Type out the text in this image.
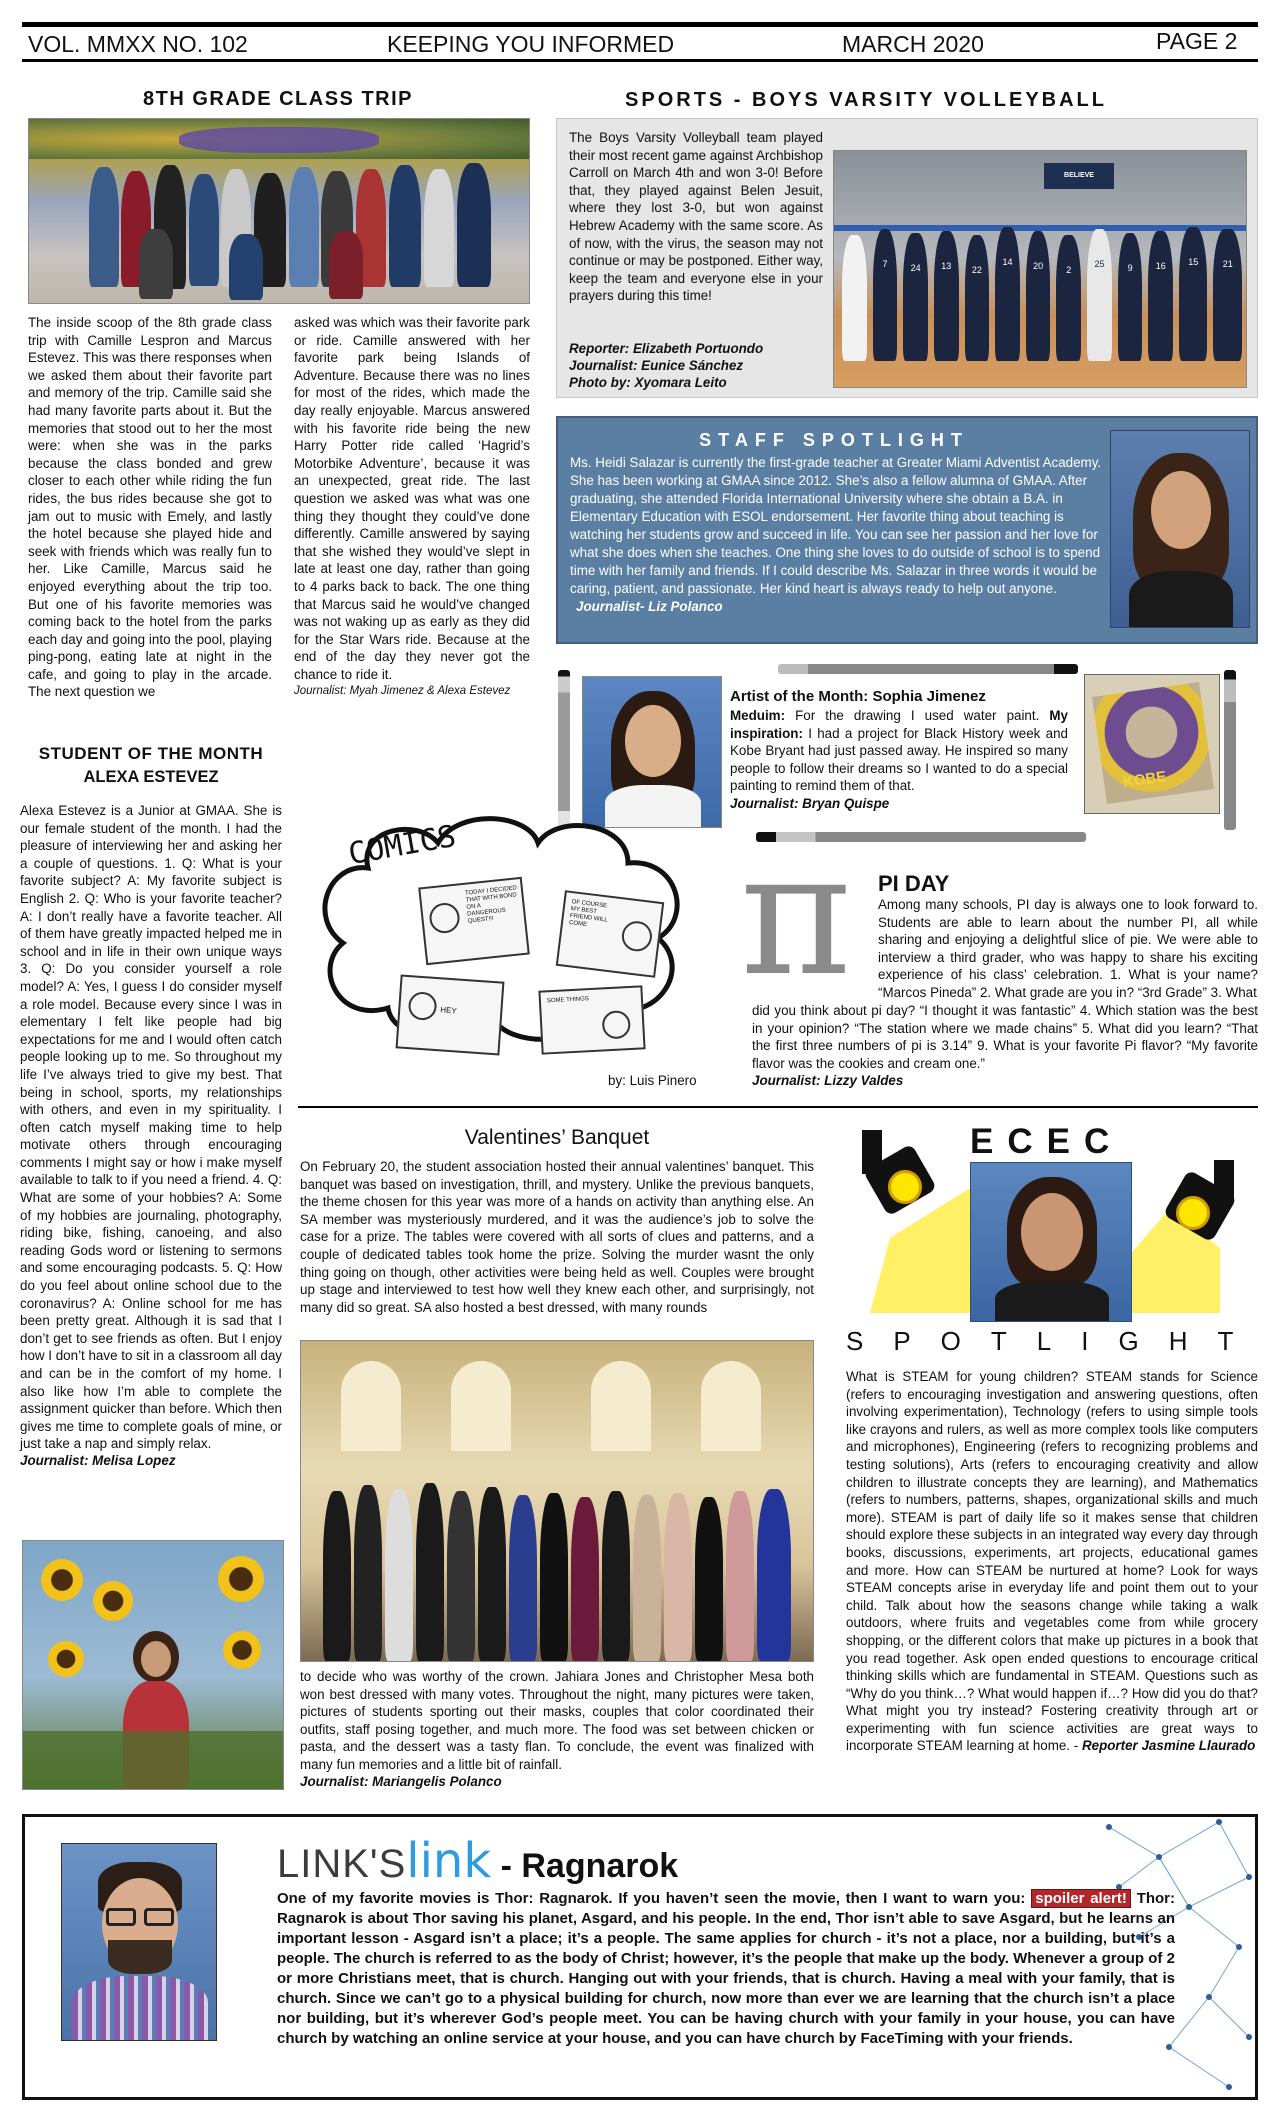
VOL. MMXX NO. 102	KEEPING YOU INFORMED	MARCH 2020	PAGE 2
8TH GRADE CLASS TRIP
The inside scoop of the 8th grade class trip with Camille Lespron and Marcus Estevez. This was there responses when we asked them about their favorite part and memory of the trip. Camille said she had many favorite parts about it. But the memories that stood out to her the most were: when she was in the parks because the class bonded and grew closer to each other while riding the fun rides, the bus rides because she got to jam out to music with Emely, and lastly the hotel because she played hide and seek with friends which was really fun to her. Like Camille, Marcus said he enjoyed everything about the trip too. But one of his favorite memories was coming back to the hotel from the parks each day and going into the pool, playing ping-pong, eating late at night in the cafe, and going to play in the arcade. The next question we
asked was which was their favorite park or ride. Camille answered with her favorite park being Islands of Adventure. Because there was no lines for most of the rides, which made the day really enjoyable. Marcus answered with his favorite ride being the new Harry Potter ride called ‘Hagrid’s Motorbike Adventure’, because it was an unexpected, great ride. The last question we asked was what was one thing they thought they could’ve done differently. Camille answered by saying that she wished they would’ve slept in late at least one day, rather than going to 4 parks back to back. The one thing that Marcus said he would’ve changed was not waking up as early as they did for the Star Wars ride. Because at the end of the day they never got the chance to ride it.
Journalist: Myah Jimenez & Alexa Estevez
STUDENT OF THE MONTH
ALEXA ESTEVEZ
Alexa Estevez is a Junior at GMAA. She is our female student of the month. I had the pleasure of interviewing her and asking her a couple of questions. 1. Q: What is your favorite subject? A: My favorite subject is English 2. Q: Who is your favorite teacher? A: I don’t really have a favorite teacher. All of them have greatly impacted helped me in school and in life in their own unique ways 3. Q: Do you consider yourself a role model? A: Yes, I guess I do consider myself a role model. Because every since I was in elementary I felt like people had big expectations for me and I would often catch people looking up to me. So throughout my life I’ve always tried to give my best. That being in school, sports, my relationships with others, and even in my spirituality. I often catch myself making time to help motivate others through encouraging comments I might say or how i make myself available to talk to if you need a friend. 4. Q: What are some of your hobbies? A: Some of my hobbies are journaling, photography, riding bike, fishing, canoeing, and also reading Gods word or listening to sermons and some encouraging podcasts. 5. Q: How do you feel about online school due to the coronavirus? A: Online school for me has been pretty great. Although it is sad that I don’t get to see friends as often. But I enjoy how I don’t have to sit in a classroom all day and can be in the comfort of my home. I also like how I’m able to complete the assignment quicker than before. Which then gives me time to complete goals of mine, or just take a nap and simply relax.
Journalist: Melisa Lopez
SPORTS - BOYS VARSITY VOLLEYBALL
The Boys Varsity Volleyball team played their most recent game against Archbishop Carroll on March 4th and won 3-0! Before that, they played against Belen Jesuit, where they lost 3-0, but won against Hebrew Academy with the same score. As of now, with the virus, the season may not continue or may be postponed. Either way, keep the team and everyone else in your prayers during this time!
Reporter: Elizabeth Portuondo
Journalist: Eunice Sánchez
Photo by: Xyomara Leito
BELIEVE
7	24	13	22
14	20	2
25	9	16	15	21
STAFF SPOTLIGHT
Ms. Heidi Salazar is currently the first-grade teacher at Greater Miami Adventist Academy. She has been working at GMAA since 2012. She’s also a fellow alumna of GMAA. After graduating, she attended Florida International University where she obtain a B.A. in Elementary Education with ESOL endorsement. Her favorite thing about teaching is watching her students grow and succeed in life. You can see her passion and her love for what she does when she teaches. One thing she loves to do outside of school is to spend time with her family and friends. If I could describe Ms. Salazar in three words it would be caring, patient, and passionate. Her kind heart is always ready to help out anyone. Journalist- Liz Polanco
Artist of the Month: Sophia Jimenez
Meduim: For the drawing I used water paint. My inspiration: I had a project for Black History week and Kobe Bryant had just passed away. He inspired so many people to follow their dreams so I wanted to do a special painting to remind them of that.
Journalist: Bryan Quispe
KOBE
COMICS
TODAY I DECIDED THAT WITH BOND ON A DANGEROUS QUEST!!!
OF COURSE MY BEST FRIEND WILL COME
HEY
SOME THINGS
by: Luis Pinero
π PI DAY
Among many schools, PI day is always one to look forward to. Students are able to learn about the number PI, all while sharing and enjoying a delightful slice of pie. We were able to interview a third grader, who was happy to share his exciting experience of his class’ celebration. 1. What is your name? “Marcos Pineda” 2. What grade are you in? “3rd Grade” 3. What
did you think about pi day? “I thought it was fantastic” 4. Which station was the best in your opinion? “The station where we made chains” 5. What did you learn? “That the first three numbers of pi is 3.14” 9. What is your favorite Pi flavor? “My favorite flavor was the cookies and cream one.”
Journalist: Lizzy Valdes
Valentines’ Banquet
On February 20, the student association hosted their annual valentines’ banquet. This banquet was based on investigation, thrill, and mystery. Unlike the previous banquets, the theme chosen for this year was more of a hands on activity than anything else. An SA member was mysteriously murdered, and it was the audience’s job to solve the case for a prize. The tables were covered with all sorts of clues and patterns, and a couple of dedicated tables took home the prize. Solving the murder wasnt the only thing going on though, other activities were being held as well. Couples were brought up stage and interviewed to test how well they knew each other, and surprisingly, not many did so great. SA also hosted a best dressed, with many rounds
to decide who was worthy of the crown. Jahiara Jones and Christopher Mesa both won best dressed with many votes. Throughout the night, many pictures were taken, pictures of students sporting out their masks, couples that color coordinated their outfits, staff posing together, and much more. The food was set between chicken or pasta, and the dessert was a tasty flan. To conclude, the event was finalized with many fun memories and a little bit of rainfall.
Journalist: Mariangelis Polanco
ECEC
SPOTLIGHT
What is STEAM for young children? STEAM stands for Science (refers to encouraging investigation and answering questions, often involving experimentation), Technology (refers to using simple tools like crayons and rulers, as well as more complex tools like computers and microphones), Engineering (refers to recognizing problems and testing solutions), Arts (refers to encouraging creativity and allow children to illustrate concepts they are learning), and Mathematics (refers to numbers, patterns, shapes, organizational skills and much more). STEAM is part of daily life so it makes sense that children should explore these subjects in an integrated way every day through books, discussions, experiments, art projects, educational games and more. How can STEAM be nurtured at home? Look for ways STEAM concepts arise in everyday life and point them out to your child. Talk about how the seasons change while taking a walk outdoors, where fruits and vegetables come from while grocery shopping, or the different colors that make up pictures in a book that you read together. Ask open ended questions to encourage critical thinking skills which are fundamental in STEAM. Questions such as “Why do you think…? What would happen if…? How did you do that? What might you try instead? Fostering creativity through art or experimenting with fun science activities are great ways to incorporate STEAM learning at home. - Reporter Jasmine Llaurado
LINK'Slink - Ragnarok
One of my favorite movies is Thor: Ragnarok. If you haven’t seen the movie, then I want to warn you: spoiler alert! Thor: Ragnarok is about Thor saving his planet, Asgard, and his people. In the end, Thor isn’t able to save Asgard, but he learns an important lesson - Asgard isn’t a place; it’s a people. The same applies for church - it’s not a place, nor a building, but it’s a people. The church is referred to as the body of Christ; however, it’s the people that make up the body. Whenever a group of 2 or more Christians meet, that is church. Hanging out with your friends, that is church. Having a meal with your family, that is church. Since we can’t go to a physical building for church, now more than ever we are learning that the church isn’t a place nor building, but it’s wherever God’s people meet. You can be having church with your family in your house, you can have church by watching an online service at your house, and you can have church by FaceTiming with your friends.
